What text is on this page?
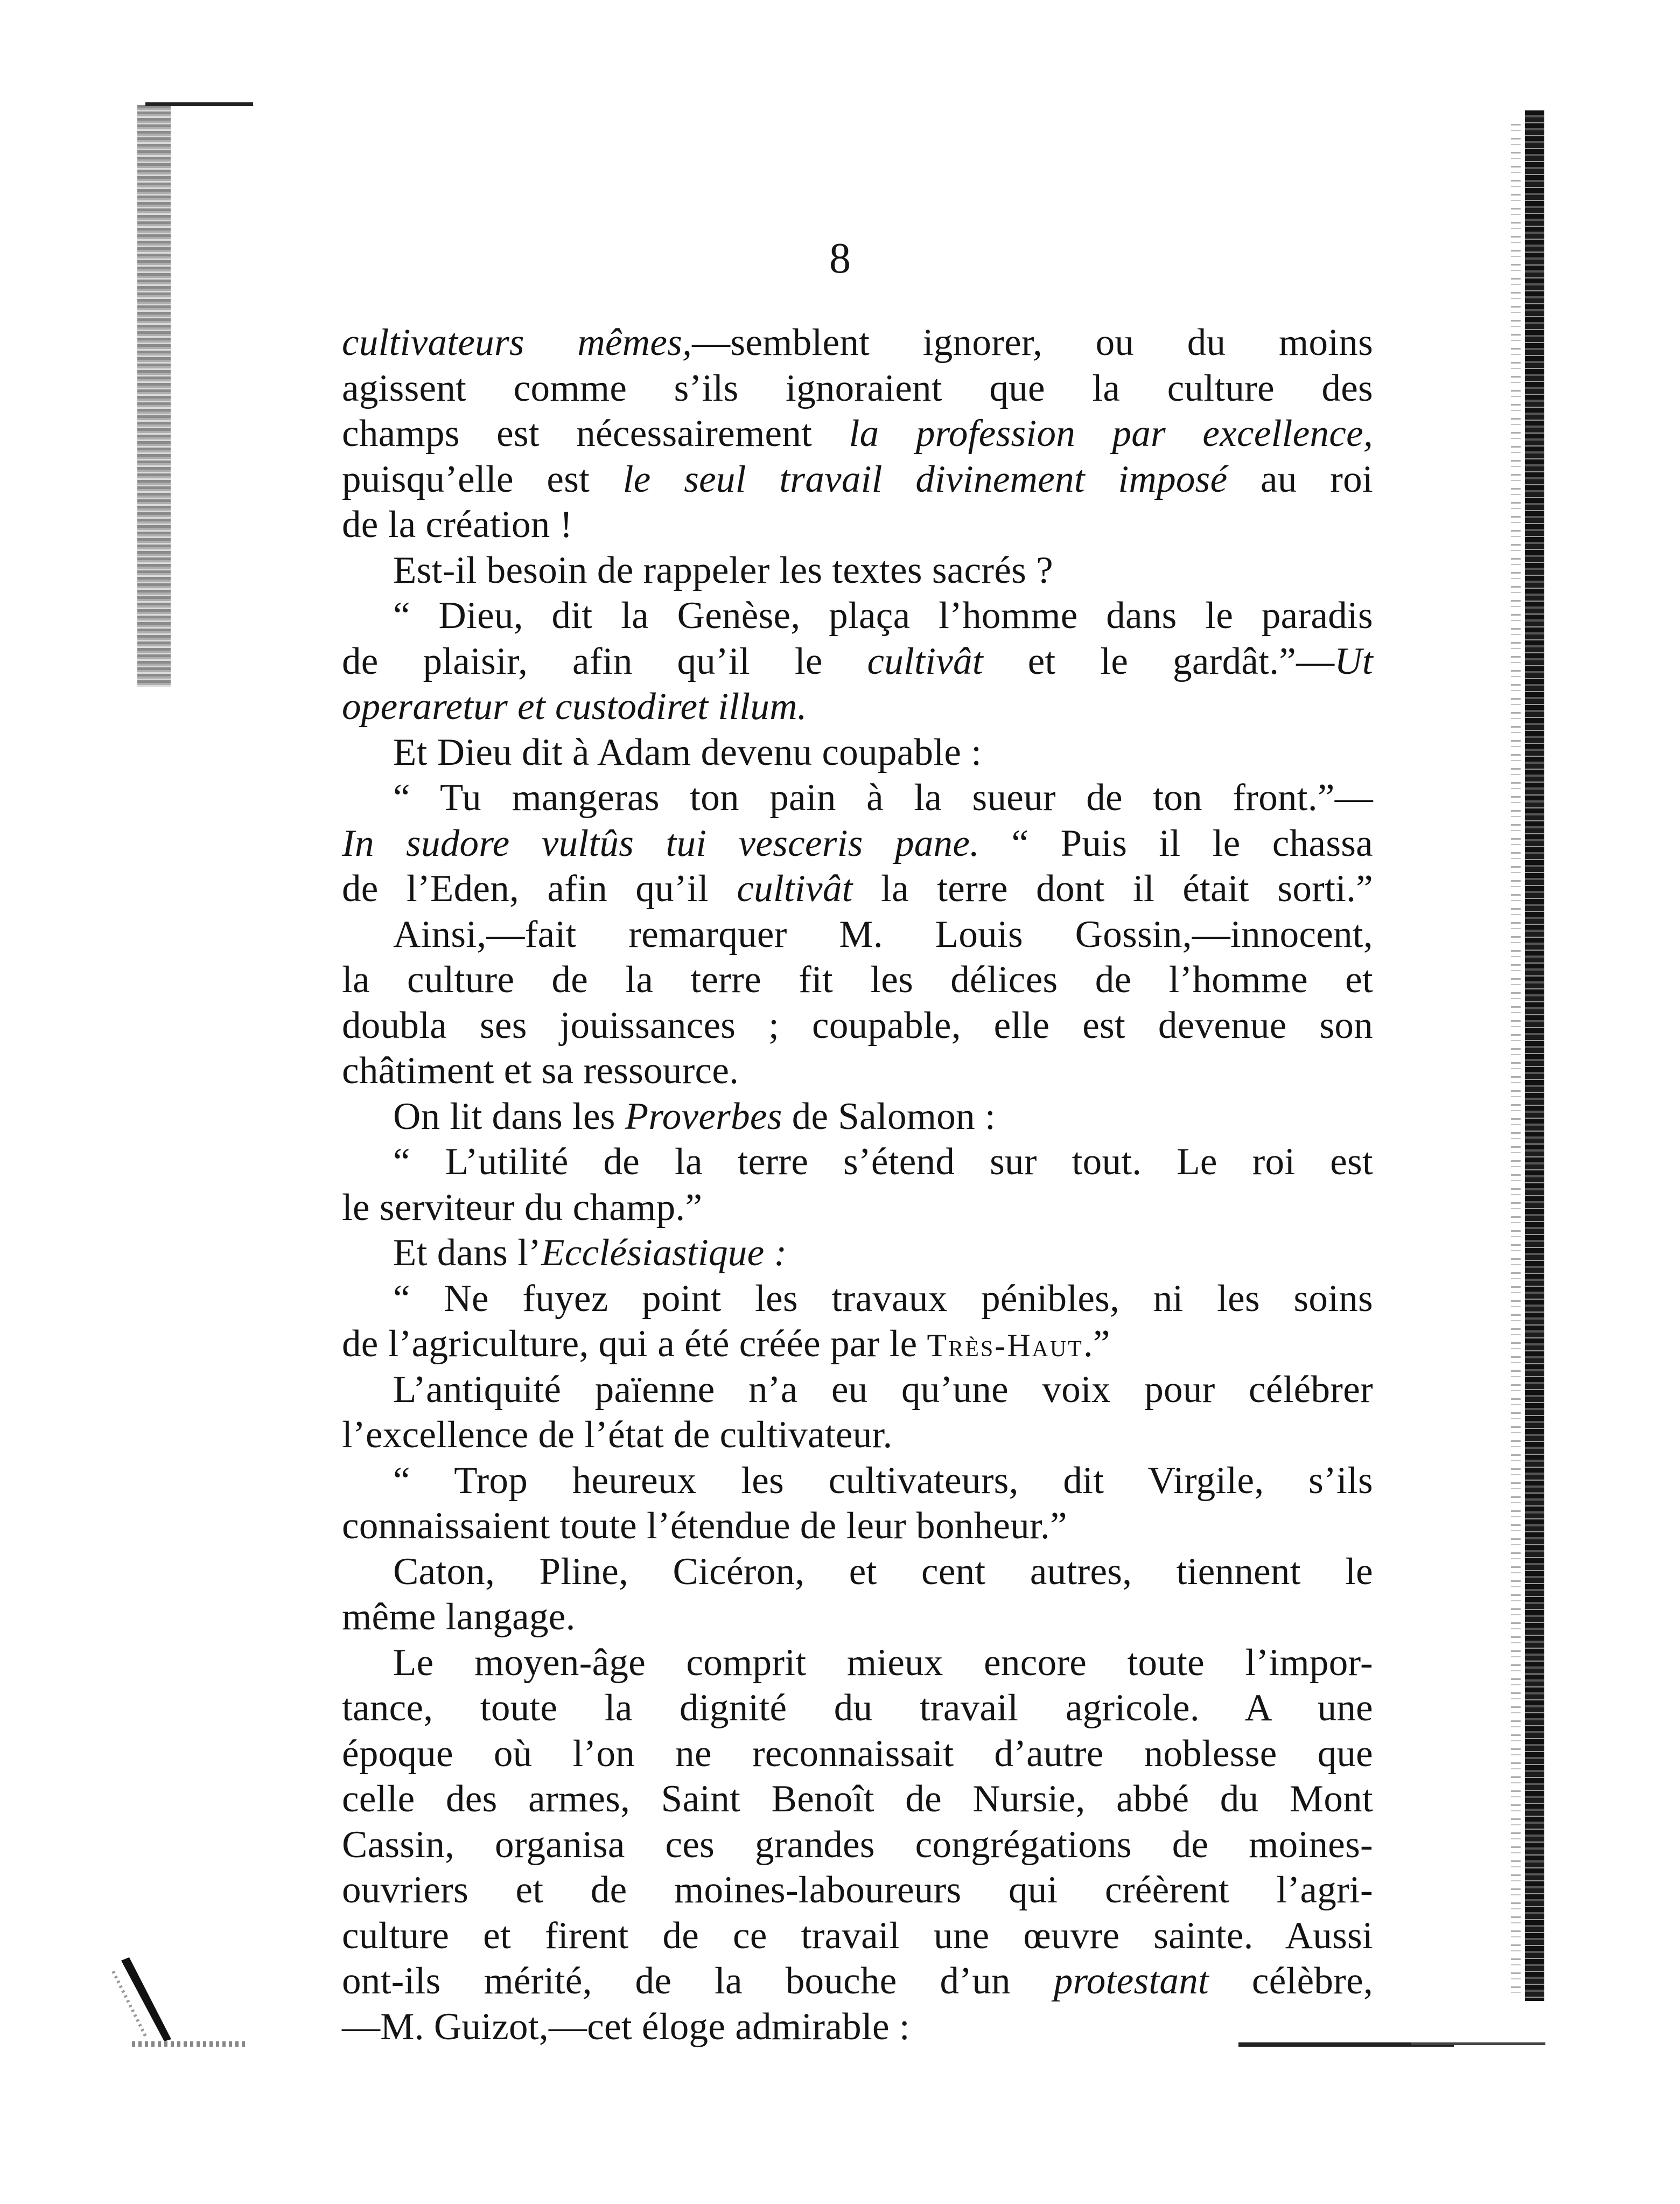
8
cultivateurs mêmes,—semblent ignorer, ou du moins
agissent comme s’ils ignoraient que la culture des
champs est nécessairement la profession par excellence,
puisqu’elle est le seul travail divinement imposé au roi
de la création !
Est-il besoin de rappeler les textes sacrés ?
“ Dieu, dit la Genèse, plaça l’homme dans le paradis
de plaisir, afin qu’il le cultivât et le gardât.”—Ut
operaretur et custodiret illum.
Et Dieu dit à Adam devenu coupable :
“ Tu mangeras ton pain à la sueur de ton front.”—
In sudore vultûs tui vesceris pane. “ Puis il le chassa
de l’Eden, afin qu’il cultivât la terre dont il était sorti.”
Ainsi,—fait remarquer M. Louis Gossin,—innocent,
la culture de la terre fit les délices de l’homme et
doubla ses jouissances ; coupable, elle est devenue son
châtiment et sa ressource.
On lit dans les Proverbes de Salomon :
“ L’utilité de la terre s’étend sur tout. Le roi est
le serviteur du champ.”
Et dans l’Ecclésiastique :
“ Ne fuyez point les travaux pénibles, ni les soins
de l’agriculture, qui a été créée par le Très-Haut.”
L’antiquité païenne n’a eu qu’une voix pour célébrer
l’excellence de l’état de cultivateur.
“ Trop heureux les cultivateurs, dit Virgile, s’ils
connaissaient toute l’étendue de leur bonheur.”
Caton, Pline, Cicéron, et cent autres, tiennent le
même langage.
Le moyen-âge comprit mieux encore toute l’impor-
tance, toute la dignité du travail agricole. A une
époque où l’on ne reconnaissait d’autre noblesse que
celle des armes, Saint Benoît de Nursie, abbé du Mont
Cassin, organisa ces grandes congrégations de moines-
ouvriers et de moines-laboureurs qui créèrent l’agri-
culture et firent de ce travail une œuvre sainte. Aussi
ont-ils mérité, de la bouche d’un protestant célèbre,
—M. Guizot,—cet éloge admirable :
